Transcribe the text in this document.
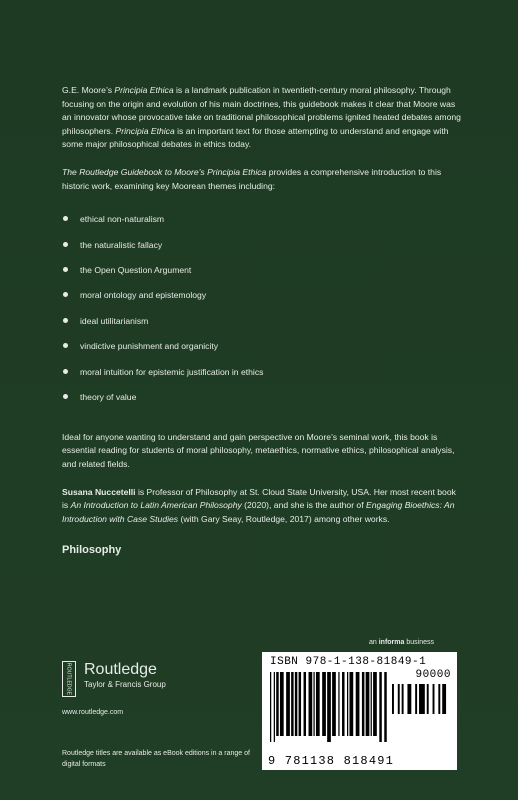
G.E. Moore’s Principia Ethica is a landmark publication in twentieth-century moral philosophy. Through focusing on the origin and evolution of his main doctrines, this guidebook makes it clear that Moore was an innovator whose provocative take on traditional philosophical problems ignited heated debates among philosophers. Principia Ethica is an important text for those attempting to understand and engage with some major philosophical debates in ethics today.

The Routledge Guidebook to Moore’s Principia Ethica provides a comprehensive introduction to this historic work, examining key Moorean themes including:

ethical non-naturalism
the naturalistic fallacy
the Open Question Argument
moral ontology and epistemology
ideal utilitarianism
vindictive punishment and organicity
moral intuition for epistemic justification in ethics
theory of value

Ideal for anyone wanting to understand and gain perspective on Moore’s seminal work, this book is essential reading for students of moral philosophy, metaethics, normative ethics, philosophical analysis, and related fields.

Susana Nuccetelli is Professor of Philosophy at St. Cloud State University, USA. Her most recent book is An Introduction to Latin American Philosophy (2020), and she is the author of Engaging Bioethics: An Introduction with Case Studies (with Gary Seay, Routledge, 2017) among other works.

Philosophy
an informa business
ROUTLEDGE Routledge
Taylor & Francis Group
www.routledge.com
Routledge titles are available as eBook editions in a range of digital formats
ISBN 978-1-138-81849-1
90000
9 781138 818491
